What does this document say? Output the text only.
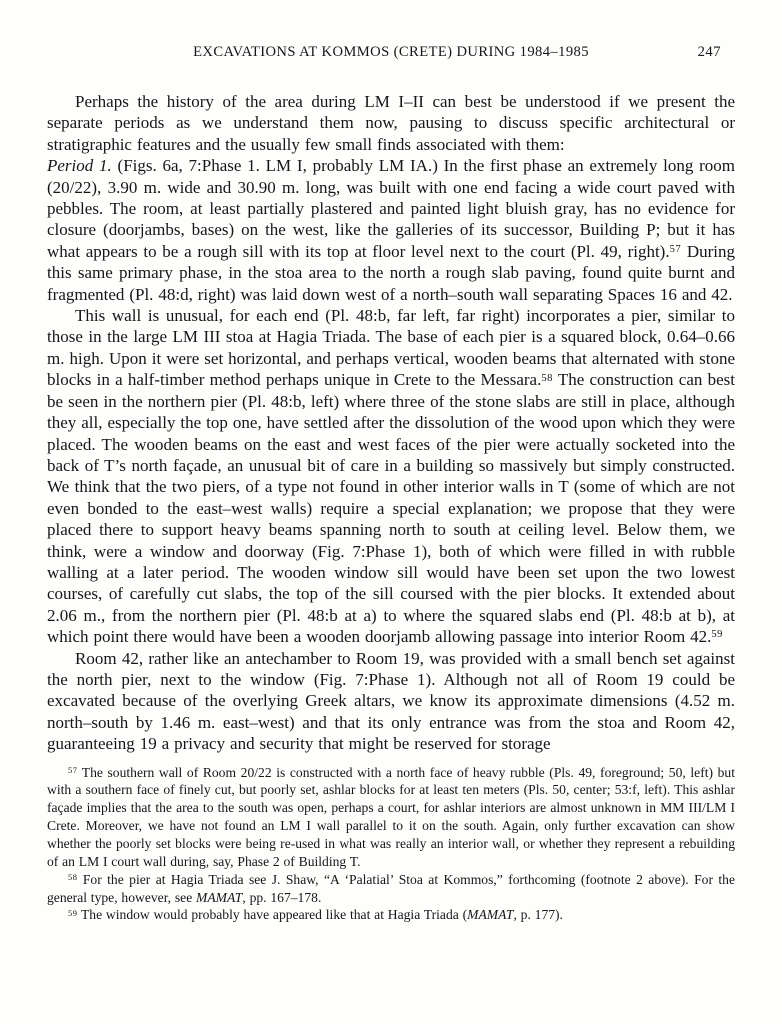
EXCAVATIONS AT KOMMOS (CRETE) DURING 1984–1985	247

Perhaps the history of the area during LM I–II can best be understood if we present the separate periods as we understand them now, pausing to discuss specific architectural or stratigraphic features and the usually few small finds associated with them:

Period 1. (Figs. 6a, 7:Phase 1. LM I, probably LM IA.) In the first phase an extremely long room (20/22), 3.90 m. wide and 30.90 m. long, was built with one end facing a wide court paved with pebbles. The room, at least partially plastered and painted light bluish gray, has no evidence for closure (doorjambs, bases) on the west, like the galleries of its successor, Building P; but it has what appears to be a rough sill with its top at floor level next to the court (Pl. 49, right).$^{57}$ During this same primary phase, in the stoa area to the north a rough slab paving, found quite burnt and fragmented (Pl. 48:d, right) was laid down west of a north–south wall separating Spaces 16 and 42.

This wall is unusual, for each end (Pl. 48:b, far left, far right) incorporates a pier, similar to those in the large LM III stoa at Hagia Triada. The base of each pier is a squared block, 0.64–0.66 m. high. Upon it were set horizontal, and perhaps vertical, wooden beams that alternated with stone blocks in a half-timber method perhaps unique in Crete to the Messara.$^{58}$ The construction can best be seen in the northern pier (Pl. 48:b, left) where three of the stone slabs are still in place, although they all, especially the top one, have settled after the dissolution of the wood upon which they were placed. The wooden beams on the east and west faces of the pier were actually socketed into the back of T’s north façade, an unusual bit of care in a building so massively but simply constructed. We think that the two piers, of a type not found in other interior walls in T (some of which are not even bonded to the east–west walls) require a special explanation; we propose that they were placed there to support heavy beams spanning north to south at ceiling level. Below them, we think, were a window and doorway (Fig. 7:Phase 1), both of which were filled in with rubble walling at a later period. The wooden window sill would have been set upon the two lowest courses, of carefully cut slabs, the top of the sill coursed with the pier blocks. It extended about 2.06 m., from the northern pier (Pl. 48:b at a) to where the squared slabs end (Pl. 48:b at b), at which point there would have been a wooden doorjamb allowing passage into interior Room 42.59

Room 42, rather like an antechamber to Room 19, was provided with a small bench set against the north pier, next to the window (Fig. 7:Phase 1). Although not all of Room 19 could be excavated because of the overlying Greek altars, we know its approximate dimensions (4.52 m. north–south by 1.46 m. east–west) and that its only entrance was from the stoa and Room 42, guaranteeing 19 a privacy and security that might be reserved for storage

$^{57}$ The southern wall of Room 20/22 is constructed with a north face of heavy rubble (Pls. 49, foreground; 50, left) but with a southern face of finely cut, but poorly set, ashlar blocks for at least ten meters (Pls. 50, center; 53:f, left). This ashlar façade implies that the area to the south was open, perhaps a court, for ashlar interiors are almost unknown in MM III/LM I Crete. Moreover, we have not found an LM I wall parallel to it on the south. Again, only further excavation can show whether the poorly set blocks were being re-used in what was really an interior wall, or whether they represent a rebuilding of an LM I court wall during, say, Phase 2 of Building T.

$^{58}$ For the pier at Hagia Triada see J. Shaw, “A ‘Palatial’ Stoa at Kommos,” forthcoming (footnote 2 above). For the general type, however, see MAMAT, pp. 167–178.

$^{59}$ The window would probably have appeared like that at Hagia Triada (MAMAT, p. 177).
